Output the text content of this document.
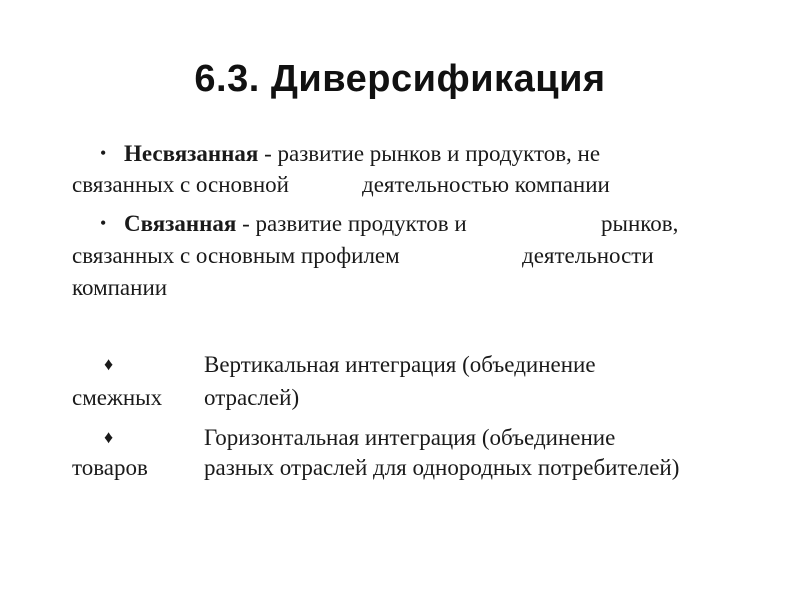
6.3. Диверсификация
• Несвязанная - развитие рынков и продуктов, не
связанных с основной	деятельностью компании
• Связанная - развитие продуктов и	рынков,
связанных с основным профилем	деятельности
компании
♦	Вертикальная интеграция (объединение
смежных отраслей)
♦	Горизонтальная интеграция (объединение
товаров разных отраслей для однородных потребителей)
